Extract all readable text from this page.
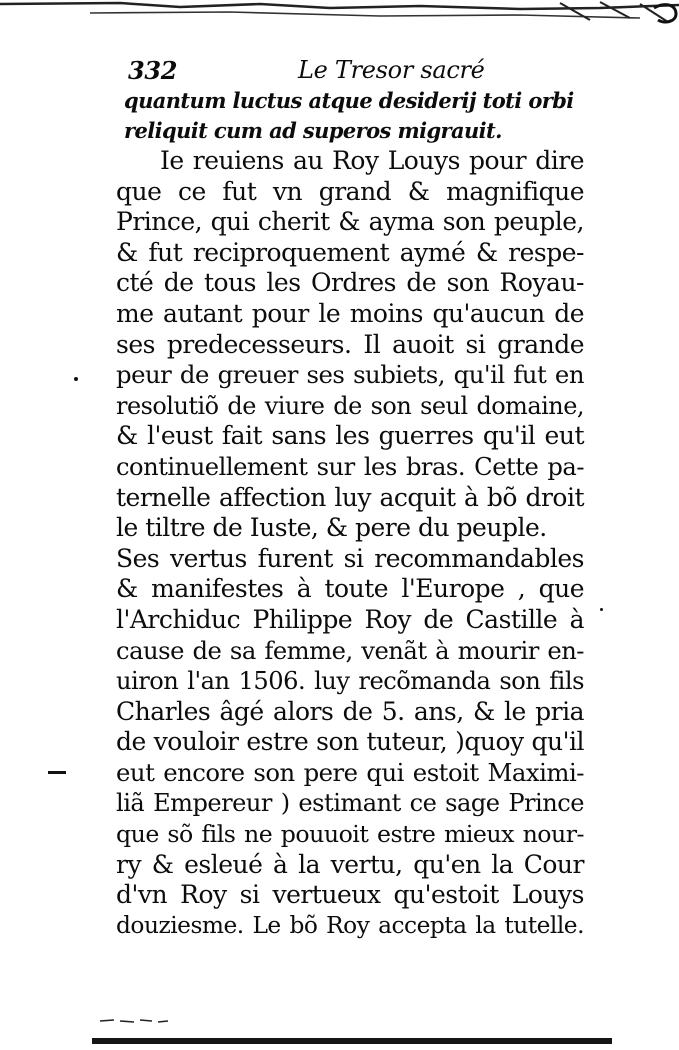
332	Le Tresor sacré
quantum luctus atque desiderij toti orbi
reliquit cum ad superos migrauit.
Ie reuiens au Roy Louys pour dire
que ce fut vn grand & magnifique
Prince, qui cherit & ayma son peuple,
& fut reciproquement aymé & respe-
cté de tous les Ordres de son Royau-
me autant pour le moins qu'aucun de
ses predecesseurs. Il auoit si grande
peur de greuer ses subiets, qu'il fut en
resolutiõ de viure de son seul domaine,
& l'eust fait sans les guerres qu'il eut
continuellement sur les bras. Cette pa-
ternelle affection luy acquit à bõ droit
le tiltre de Iuste, & pere du peuple.
Ses vertus furent si recommandables
& manifestes à toute l'Europe , que
l'Archiduc Philippe Roy de Castille à
cause de sa femme, venãt à mourir en-
uiron l'an 1506. luy recõmanda son fils
Charles âgé alors de 5. ans, & le pria
de vouloir estre son tuteur, )quoy qu'il
eut encore son pere qui estoit Maximi-
liã Empereur ) estimant ce sage Prince
que sõ fils ne pouuoit estre mieux nour-
ry & esleué à la vertu, qu'en la Cour
d'vn Roy si vertueux qu'estoit Louys
douziesme. Le bõ Roy accepta la tutelle.
